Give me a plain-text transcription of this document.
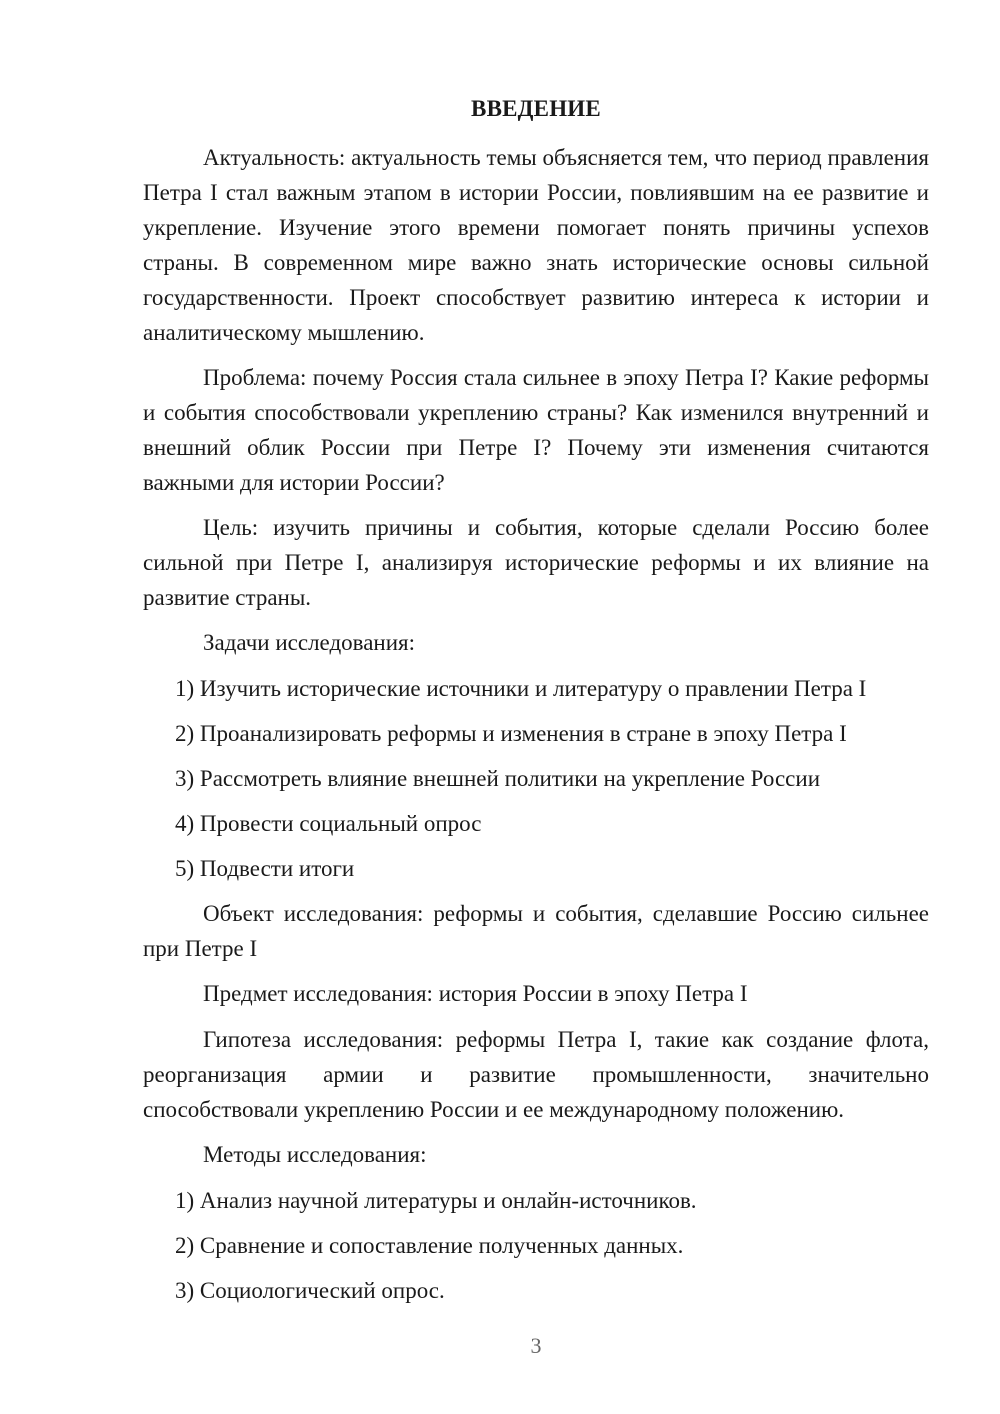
ВВЕДЕНИЕ

Актуальность: актуальность темы объясняется тем, что период правления Петра I стал важным этапом в истории России, повлиявшим на ее развитие и укрепление. Изучение этого времени помогает понять причины успехов страны. В современном мире важно знать исторические основы сильной государственности. Проект способствует развитию интереса к истории и аналитическому мышлению.

Проблема: почему Россия стала сильнее в эпоху Петра I? Какие реформы и события способствовали укреплению страны? Как изменился внутренний и внешний облик России при Петре I? Почему эти изменения считаются важными для истории России?

Цель: изучить причины и события, которые сделали Россию более сильной при Петре I, анализируя исторические реформы и их влияние на развитие страны.

Задачи исследования:

1) Изучить исторические источники и литературу о правлении Петра I
2) Проанализировать реформы и изменения в стране в эпоху Петра I
3) Рассмотреть влияние внешней политики на укрепление России
4) Провести социальный опрос
5) Подвести итоги

Объект исследования: реформы и события, сделавшие Россию сильнее при Петре I

Предмет исследования: история России в эпоху Петра I

Гипотеза исследования: реформы Петра I, такие как создание флота, реорганизация армии и развитие промышленности, значительно способствовали укреплению России и ее международному положению.

Методы исследования:

1) Анализ научной литературы и онлайн-источников.
2) Сравнение и сопоставление полученных данных.
3) Социологический опрос.
3
